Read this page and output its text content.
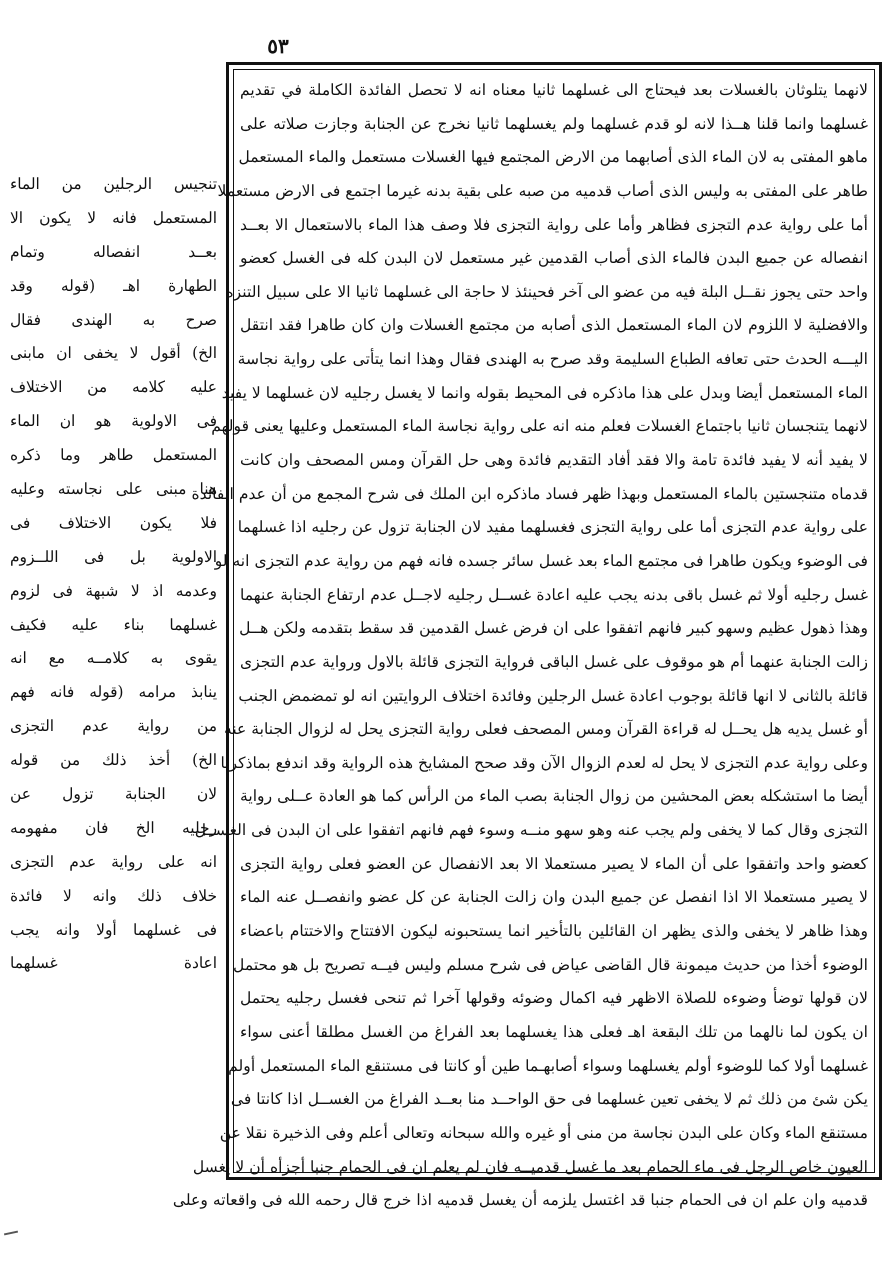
٥٣
لانهما يتلوثان بالغسلات بعد فيحتاج الى غسلهما ثانيا معناه انه لا تحصل الفائدة الكاملة في تقديم
غسلهما وانما قلنا هــذا لانه لو قدم غسلهما ولم يغسلهما ثانيا نخرج عن الجنابة وجازت صلاته على
ماهو المفتى به لان الماء الذى أصابهما من الارض المجتمع فيها الغسلات مستعمل والماء المستعمل
طاهر على المفتى به وليس الذى أصاب قدميه من صبه على بقية بدنه غيرما اجتمع فى الارض مستعملا
أما على رواية عدم التجزى فظاهر وأما على رواية التجزى فلا وصف هذا الماء بالاستعمال الا بعــد
انفصاله عن جميع البدن فالماء الذى أصاب القدمين غير مستعمل لان البدن كله فى الغسل كعضو
واحد حتى يجوز نقــل البلة فيه من عضو الى آخر فحينئذ لا حاجة الى غسلهما ثانيا الا على سبيل التنزه
والافضلية لا اللزوم لان الماء المستعمل الذى أصابه من مجتمع الغسلات وان كان طاهرا فقد انتقل
اليـــه الحدث حتى تعافه الطباع السليمة وقد صرح به الهندى فقال وهذا انما يتأتى على رواية نجاسة
الماء المستعمل أيضا وبدل على هذا ماذكره فى المحيط بقوله وانما لا يغسل رجليه لان غسلهما لا يفيد
لانهما يتنجسان ثانيا باجتماع الغسلات فعلم منه انه على رواية نجاسة الماء المستعمل وعليها يعنى قولهم
لا يفيد أنه لا يفيد فائدة تامة والا فقد أفاد التقديم فائدة وهى حل القرآن ومس المصحف وان كانت
قدماه متنجستين بالماء المستعمل وبهذا ظهر فساد ماذكره ابن الملك فى شرح المجمع من أن عدم الفائدة
على رواية عدم التجزى أما على رواية التجزى فغسلهما مفيد لان الجنابة تزول عن رجليه اذا غسلهما
فى الوضوء ويكون طاهرا فى مجتمع الماء بعد غسل سائر جسده فانه فهم من رواية عدم التجزى انه لو
غسل رجليه أولا ثم غسل باقى بدنه يجب عليه اعادة غســل رجليه لاجــل عدم ارتفاع الجنابة عنهما
وهذا ذهول عظيم وسهو كبير فانهم اتفقوا على ان فرض غسل القدمين قد سقط بتقدمه ولكن هــل
زالت الجنابة عنهما أم هو موقوف على غسل الباقى فرواية التجزى قائلة بالاول ورواية عدم التجزى
قائلة بالثانى لا انها قائلة بوجوب اعادة غسل الرجلين وفائدة اختلاف الروايتين انه لو تمضمض الجنب
أو غسل يديه هل يحــل له قراءة القرآن ومس المصحف فعلى رواية التجزى يحل له لزوال الجنابة عنه
وعلى رواية عدم التجزى لا يحل له لعدم الزوال الآن وقد صحح المشايخ هذه الرواية وقد اندفع بماذكرنا
أيضا ما استشكله بعض المحشين من زوال الجنابة بصب الماء من الرأس كما هو العادة عــلى رواية
التجزى وقال كما لا يخفى ولم يجب عنه وهو سهو منــه وسوء فهم فانهم اتفقوا على ان البدن فى الغســل
كعضو واحد واتفقوا على أن الماء لا يصير مستعملا الا بعد الانفصال عن العضو فعلى رواية التجزى
لا يصير مستعملا الا اذا انفصل عن جميع البدن وان زالت الجنابة عن كل عضو وانفصــل عنه الماء
وهذا ظاهر لا يخفى والذى يظهر ان القائلين بالتأخير انما يستحبونه ليكون الافتتاح والاختتام باعضاء
الوضوء أخذا من حديث ميمونة قال القاضى عياض فى شرح مسلم وليس فيــه تصريح بل هو محتمل
لان قولها توضأ وضوءه للصلاة الاظهر فيه اكمال وضوئه وقولها آخرا ثم تنحى فغسل رجليه يحتمل
ان يكون لما نالهما من تلك البقعة اهـ فعلى هذا يغسلهما بعد الفراغ من الغسل مطلقا أعنى سواء
غسلهما أولا كما للوضوء أولم يغسلهما وسواء أصابهـما طين أو كانتا فى مستنقع الماء المستعمل أولم
يكن شئ من ذلك ثم لا يخفى تعين غسلهما فى حق الواحــد منا بعــد الفراغ من الغســل اذا كانتا فى
مستنقع الماء وكان على البدن نجاسة من منى أو غيره والله سبحانه وتعالى أعلم وفى الذخيرة نقلا عن
العيون خاص الرجل فى ماء الحمام بعد ما غسل قدميــه فان لم يعلم ان فى الحمام جنبا أجزأه أن لا يغسل
قدميه وان علم ان فى الحمام جنبا قد اغتسل يلزمه أن يغسل قدميه اذا خرج قال رحمه الله فى واقعاته وعلى
تنجيس الرجلين من الماء
المستعمل فانه لا يكون الا
بعــد انفصاله وتمام
الطهارة اهـ (قوله وقد
صرح به الهندى فقال
الخ) أقول لا يخفى ان مابنى
عليه كلامه من الاختلاف
فى الاولوية هو ان الماء
المستعمل طاهر وما ذكره
هنا مبنى على نجاسته وعليه
فلا يكون الاختلاف فى
الاولوية بل فى اللــزوم
وعدمه اذ لا شبهة فى لزوم
غسلهما بناء عليه فكيف
يقوى به كلامــه مع انه
ينابذ مرامه (قوله فانه فهم
من رواية عدم التجزى
الخ) أخذ ذلك من قوله
لان الجنابة تزول عن
رجليه الخ فان مفهومه
انه على رواية عدم التجزى
خلاف ذلك وانه لا فائدة
فى غسلهما أولا وانه يجب
اعادة غسلهما
